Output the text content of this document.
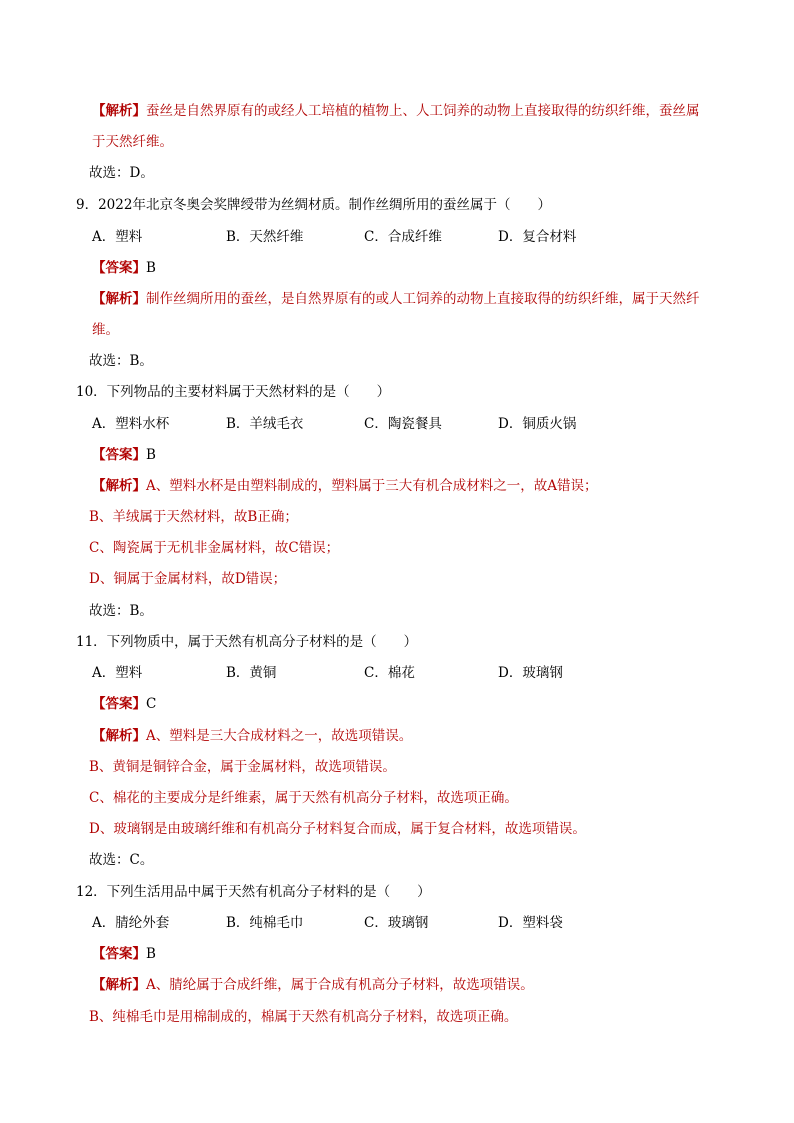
【解析】蚕丝是自然界原有的或经人工培植的植物上、人工饲养的动物上直接取得的纺织纤维，蚕丝属
于天然纤维。
故选：D。
9．2022年北京冬奥会奖牌绶带为丝绸材质。制作丝绸所用的蚕丝属于（　　）
A．塑料	B．天然纤维	C．合成纤维	D．复合材料
【答案】B
【解析】制作丝绸所用的蚕丝，是自然界原有的或人工饲养的动物上直接取得的纺织纤维，属于天然纤
维。
故选：B。
10．下列物品的主要材料属于天然材料的是（　　）
A．塑料水杯	B．羊绒毛衣	C．陶瓷餐具	D．铜质火锅
【答案】B
【解析】A、塑料水杯是由塑料制成的，塑料属于三大有机合成材料之一，故A错误；
B、羊绒属于天然材料，故B正确；
C、陶瓷属于无机非金属材料，故C错误；
D、铜属于金属材料，故D错误；
故选：B。
11．下列物质中，属于天然有机高分子材料的是（　　）
A．塑料	B．黄铜	C．棉花	D．玻璃钢
【答案】C
【解析】A、塑料是三大合成材料之一，故选项错误。
B、黄铜是铜锌合金，属于金属材料，故选项错误。
C、棉花的主要成分是纤维素，属于天然有机高分子材料，故选项正确。
D、玻璃钢是由玻璃纤维和有机高分子材料复合而成，属于复合材料，故选项错误。
故选：C。
12．下列生活用品中属于天然有机高分子材料的是（　　）
A．腈纶外套	B．纯棉毛巾	C．玻璃钢	D．塑料袋
【答案】B
【解析】A、腈纶属于合成纤维，属于合成有机高分子材料，故选项错误。
B、纯棉毛巾是用棉制成的，棉属于天然有机高分子材料，故选项正确。
